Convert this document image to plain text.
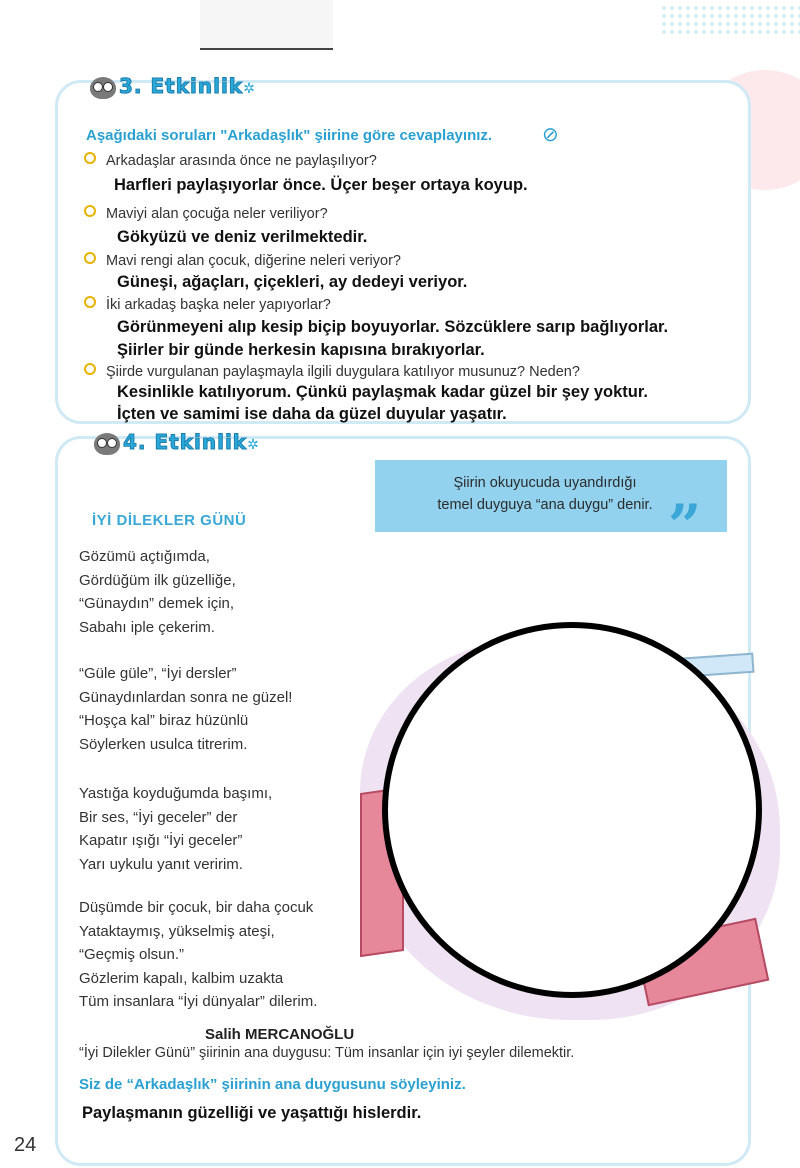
3. Etkinlik✲
Aşağıdaki soruları "Arkadaşlık" şiirine göre cevaplayınız. ⊘
Arkadaşlar arasında önce ne paylaşılıyor?
Harfleri paylaşıyorlar önce. Üçer beşer ortaya koyup.
Maviyi alan çocuğa neler veriliyor?
Gökyüzü ve deniz verilmektedir.
Mavi rengi alan çocuk, diğerine neleri veriyor?
Güneşi, ağaçları, çiçekleri, ay dedeyi veriyor.
İki arkadaş başka neler yapıyorlar?
Görünmeyeni alıp kesip biçip boyuyorlar. Sözcüklere sarıp bağlıyorlar.
Şiirler bir günde herkesin kapısına bırakıyorlar.
Şiirde vurgulanan paylaşmayla ilgili duygulara katılıyor musunuz? Neden?
Kesinlikle katılıyorum. Çünkü paylaşmak kadar güzel bir şey yoktur.
İçten ve samimi ise daha da güzel duyular yaşatır.
4. Etkinlik✲
Şiirin okuyucuda uyandırdığı
temel duyguya “ana duygu” denir. ”
İYİ DİLEKLER GÜNÜ
Gözümü açtığımda,
Gördüğüm ilk güzelliğe,
“Günaydın” demek için,
Sabahı iple çekerim.
“Güle güle”, “İyi dersler”
Günaydınlardan sonra ne güzel!
“Hoşça kal” biraz hüzünlü
Söylerken usulca titrerim.
Yastığa koyduğumda başımı,
Bir ses, “İyi geceler” der
Kapatır ışığı “İyi geceler”
Yarı uykulu yanıt veririm.
Düşümde bir çocuk, bir daha çocuk
Yataktaymış, yükselmiş ateşi,
“Geçmiş olsun.”
Gözlerim kapalı, kalbim uzakta
Tüm insanlara “İyi dünyalar” dilerim.
Salih MERCANOĞLU
“İyi Dilekler Günü” şiirinin ana duygusu: Tüm insanlar için iyi şeyler dilemektir.
Siz de “Arkadaşlık” şiirinin ana duygusunu söyleyiniz.
Paylaşmanın güzelliği ve yaşattığı hislerdir.
24
